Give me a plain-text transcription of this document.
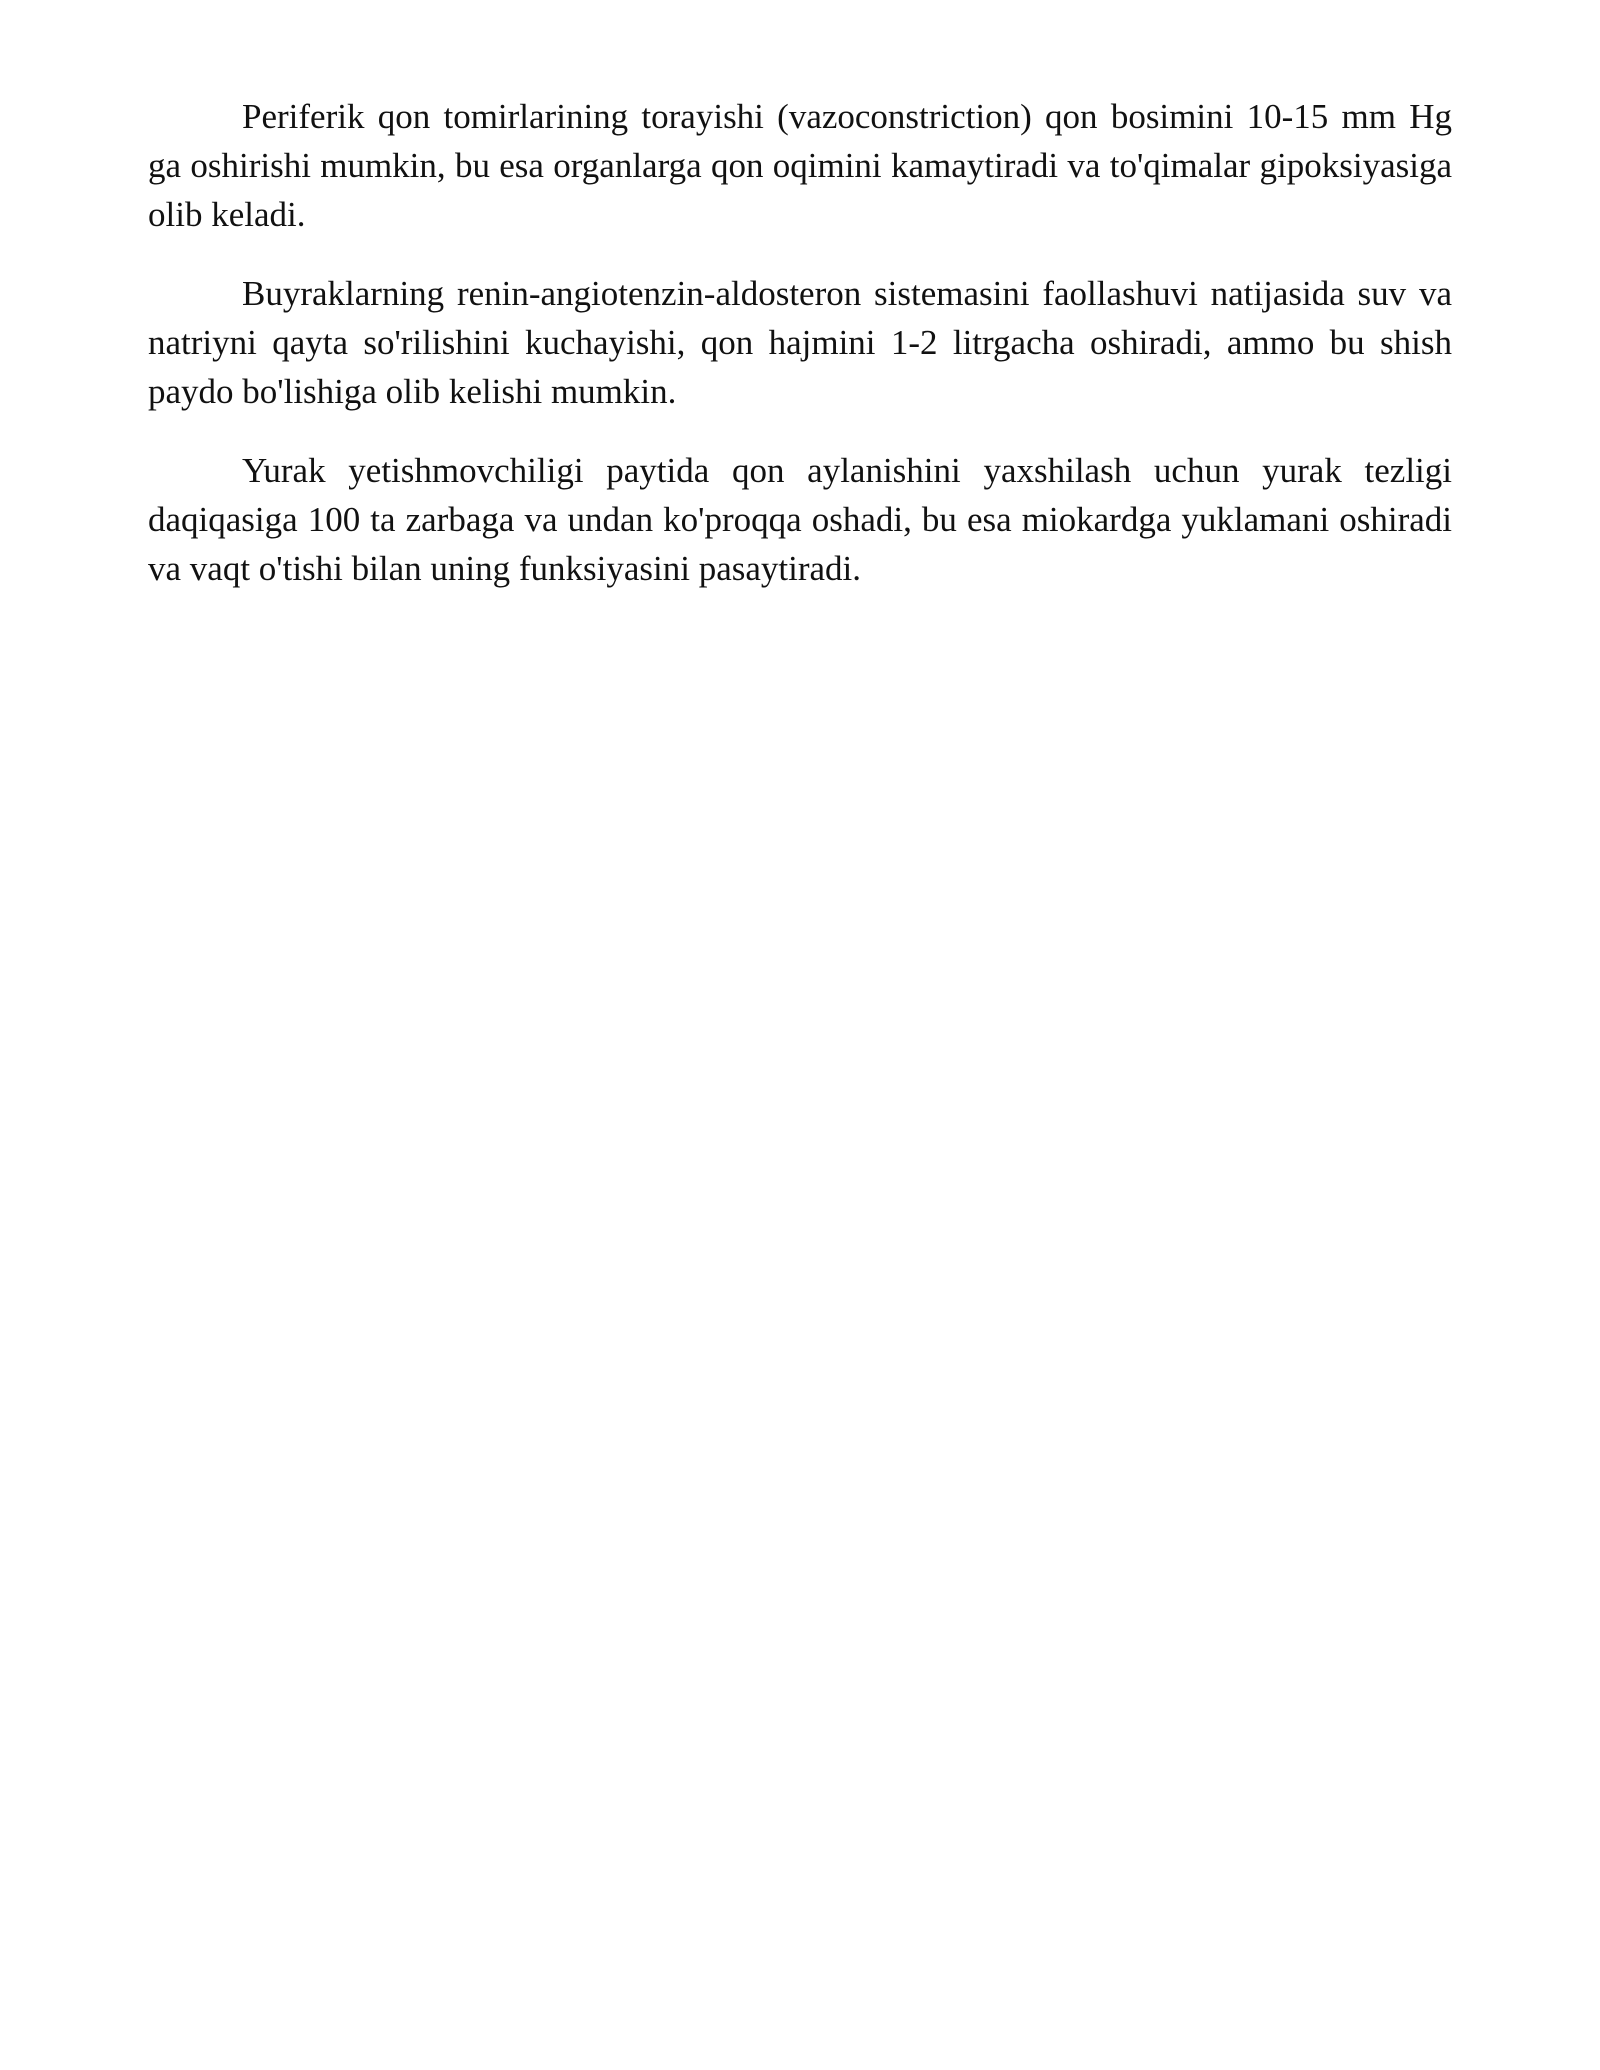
Periferik qon tomirlarining torayishi (vazoconstriction) qon bosimini 10-15 mm Hg ga oshirishi mumkin, bu esa organlarga qon oqimini kamaytiradi va to'qimalar gipoksiyasiga olib keladi.

Buyraklarning renin-angiotenzin-aldosteron sistemasini faollashuvi natijasida suv va natriyni qayta so'rilishini kuchayishi, qon hajmini 1-2 litrgacha oshiradi, ammo bu shish paydo bo'lishiga olib kelishi mumkin.

Yurak yetishmovchiligi paytida qon aylanishini yaxshilash uchun yurak tezligi daqiqasiga 100 ta zarbaga va undan ko'proqqa oshadi, bu esa miokardga yuklamani oshiradi va vaqt o'tishi bilan uning funksiyasini pasaytiradi.
